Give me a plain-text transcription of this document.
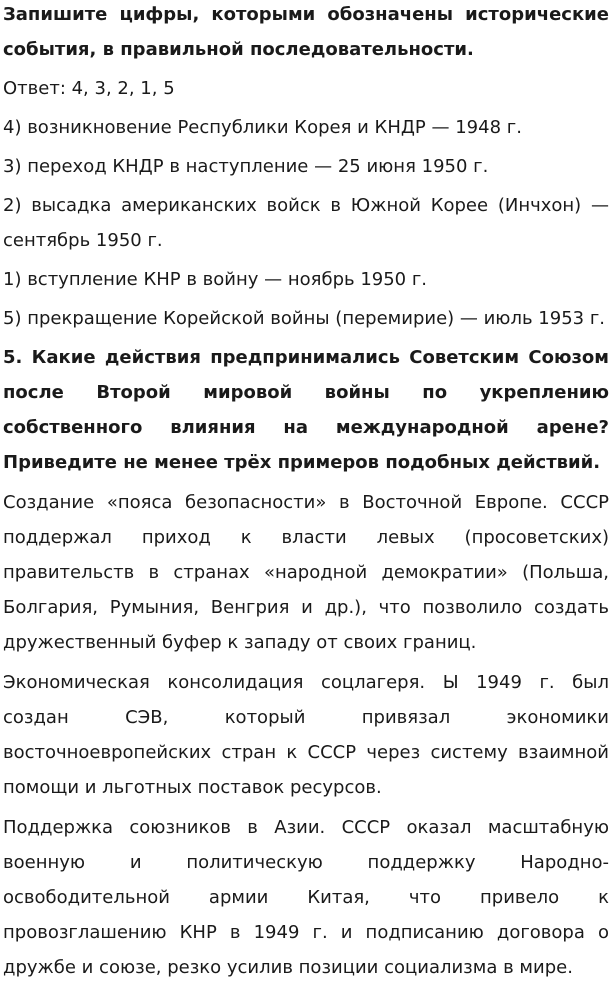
Запишите цифры, которыми обозначены исторические события, в правильной последовательности.

Ответ: 4, 3, 2, 1, 5

4) возникновение Республики Корея и КНДР — 1948 г.

3) переход КНДР в наступление — 25 июня 1950 г.

2) высадка американских войск в Южной Корее (Инчхон) — сентябрь 1950 г.

1) вступление КНР в войну — ноябрь 1950 г.

5) прекращение Корейской войны (перемирие) — июль 1953 г.

5. Какие действия предпринимались Советским Союзом после Второй мировой войны по укреплению собственного влияния на международной арене? Приведите не менее трёх примеров подобных действий.

Создание «пояса безопасности» в Восточной Европе. СССР поддержал приход к власти левых (просоветских) правительств в странах «народной демократии» (Польша, Болгария, Румыния, Венгрия и др.), что позволило создать дружественный буфер к западу от своих границ.

Экономическая консолидация соцлагеря. Ы 1949 г. был создан СЭВ, который привязал экономики восточноевропейских стран к СССР через систему взаимной помощи и льготных поставок ресурсов.

Поддержка союзников в Азии. СССР оказал масштабную военную и политическую поддержку Народно-освободительной армии Китая, что привело к провозглашению КНР в 1949 г. и подписанию договора о дружбе и союзе, резко усилив позиции социализма в мире.
